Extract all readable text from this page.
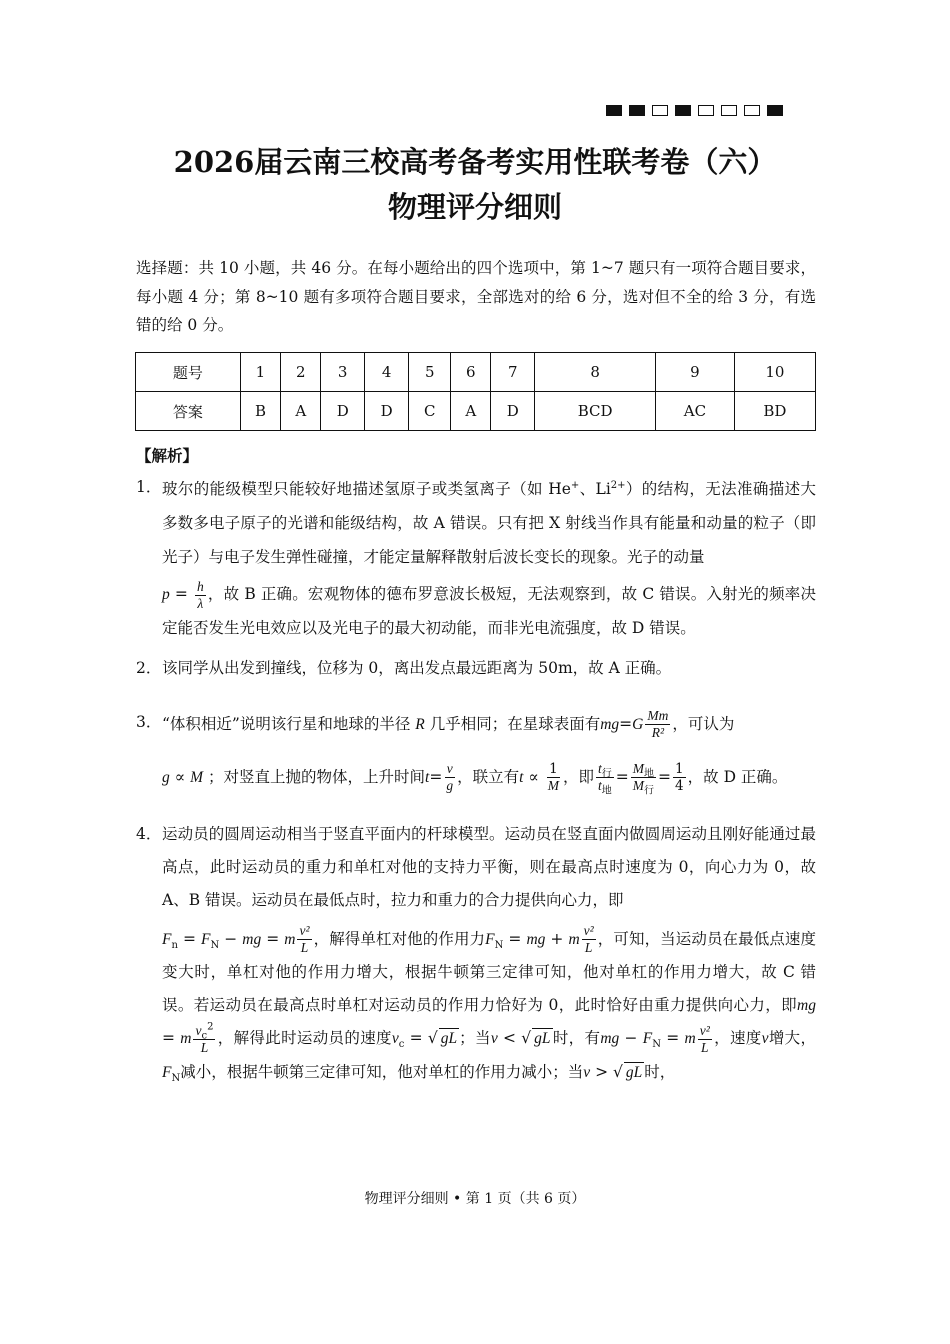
2026届云南三校高考备考实用性联考卷（六）
物理评分细则
选择题：共 10 小题，共 46 分。在每小题给出的四个选项中，第 1~7 题只有一项符合题目要求，每小题 4 分；第 8~10 题有多项符合题目要求，全部选对的给 6 分，选对但不全的给 3 分，有选错的给 0 分。
题号	1	2	3	4	5	6	7	8	9	10
答案	B	A	D	D	C	A	D	BCD	AC	BD
【解析】
1． 玻尔的能级模型只能较好地描述氢原子或类氢离子（如 He+、$Li^{2+}$）的结构，无法准确描述大多数多电子原子的光谱和能级结构，故 A 错误。只有把 X 射线当作具有能量和动量的粒子（即光子）与电子发生弹性碰撞，才能定量解释散射后波长变长的现象。光子的动量
$p = \frac{h}{\lambda}$ ，故 B 正确。宏观物体的德布罗意波长极短，无法观察到，故 C 错误。入射光的频率决定能否发生光电效应以及光电子的最大初动能，而非光电流强度，故 D 错误。
2． 该同学从出发到撞线，位移为 0，离出发点最远距离为 50m，故 A 正确。
3． “体积相近”说明该行星和地球的半径 R 几乎相同；在星球表面有$mg=G \frac{Mm}{\text{R²}}$ ，可认为
g ∝ M ；对竖直上抛的物体，上升时间$t= \frac{v}{g}$ ，联立有$t \propto \frac{1}{M}$ ，即 $\frac{t_行}{t_地} = \frac{M_地}{M_行} = \frac{1}{4}$ ，故 D 正确。
4． 运动员的圆周运动相当于竖直平面内的杆球模型。运动员在竖直面内做圆周运动且刚好能通过最高点，此时运动员的重力和单杠对他的支持力平衡，则在最高点时速度为 0，向心力为 0，故 A、B 错误。运动员在最低点时，拉力和重力的合力提供向心力，即
$F_n = F_N$ − mg = m $\frac{\text{v²}}{L}$ ，解得单杠对他的作用力$F_N$ = mg + m $\frac{\text{v²}}{L}$ ，可知，当运动员在最低点速度变大时，单杠对他的作用力增大，根据牛顿第三定律可知，他对单杠的作用力增大，故 C 错误。若运动员在最高点时单杠对运动员的作用力恰好为 0，此时恰好由重力提供向心力，即mg = m $\frac{v_c^2}{L}$ ，解得此时运动员的速度$v_c$ = √ gL ；当v < √ gL 时，有mg − $F_N = m \frac{\text{v²}}{L}$ ，速度v增大，$F_N$减小，根据牛顿第三定律可知，他对单杠的作用力减小；当v > √ gL 时，
物理评分细则 • 第 1 页（共 6 页）
